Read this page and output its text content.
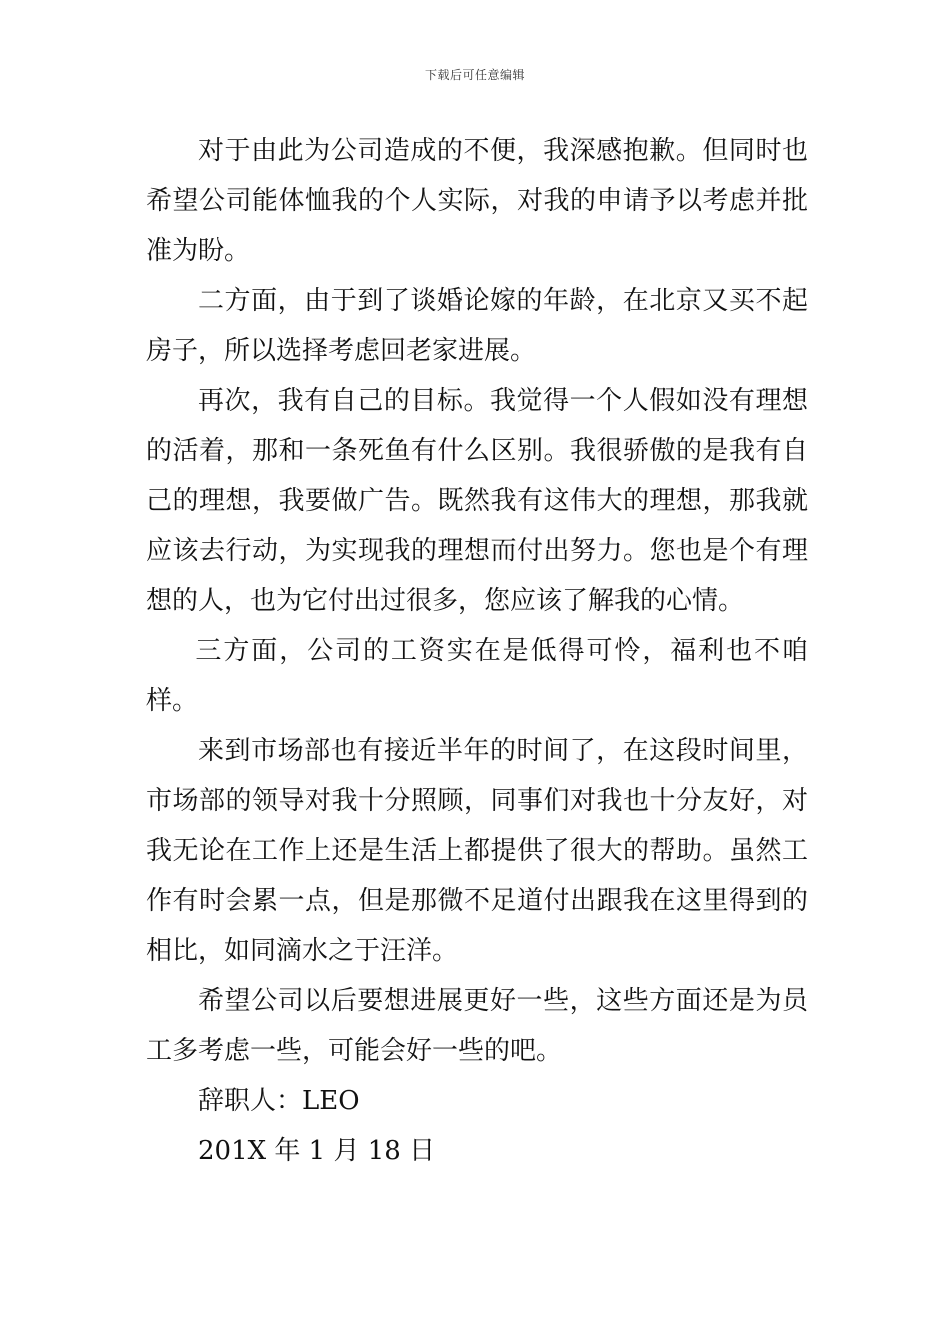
下载后可任意编辑

对于由此为公司造成的不便，我深感抱歉。但同时也希望公司能体恤我的个人实际，对我的申请予以考虑并批准为盼。

二方面，由于到了谈婚论嫁的年龄，在北京又买不起房子，所以选择考虑回老家进展。

再次，我有自己的目标。我觉得一个人假如没有理想的活着，那和一条死鱼有什么区别。我很骄傲的是我有自己的理想，我要做广告。既然我有这伟大的理想，那我就应该去行动，为实现我的理想而付出努力。您也是个有理想的人，也为它付出过很多，您应该了解我的心情。

三方面，公司的工资实在是低得可怜，福利也不咱样。

来到市场部也有接近半年的时间了，在这段时间里，市场部的领导对我十分照顾，同事们对我也十分友好，对我无论在工作上还是生活上都提供了很大的帮助。虽然工作有时会累一点，但是那微不足道付出跟我在这里得到的相比，如同滴水之于汪洋。

希望公司以后要想进展更好一些，这些方面还是为员工多考虑一些，可能会好一些的吧。

辞职人：LEO

201X 年 1 月 18 日
